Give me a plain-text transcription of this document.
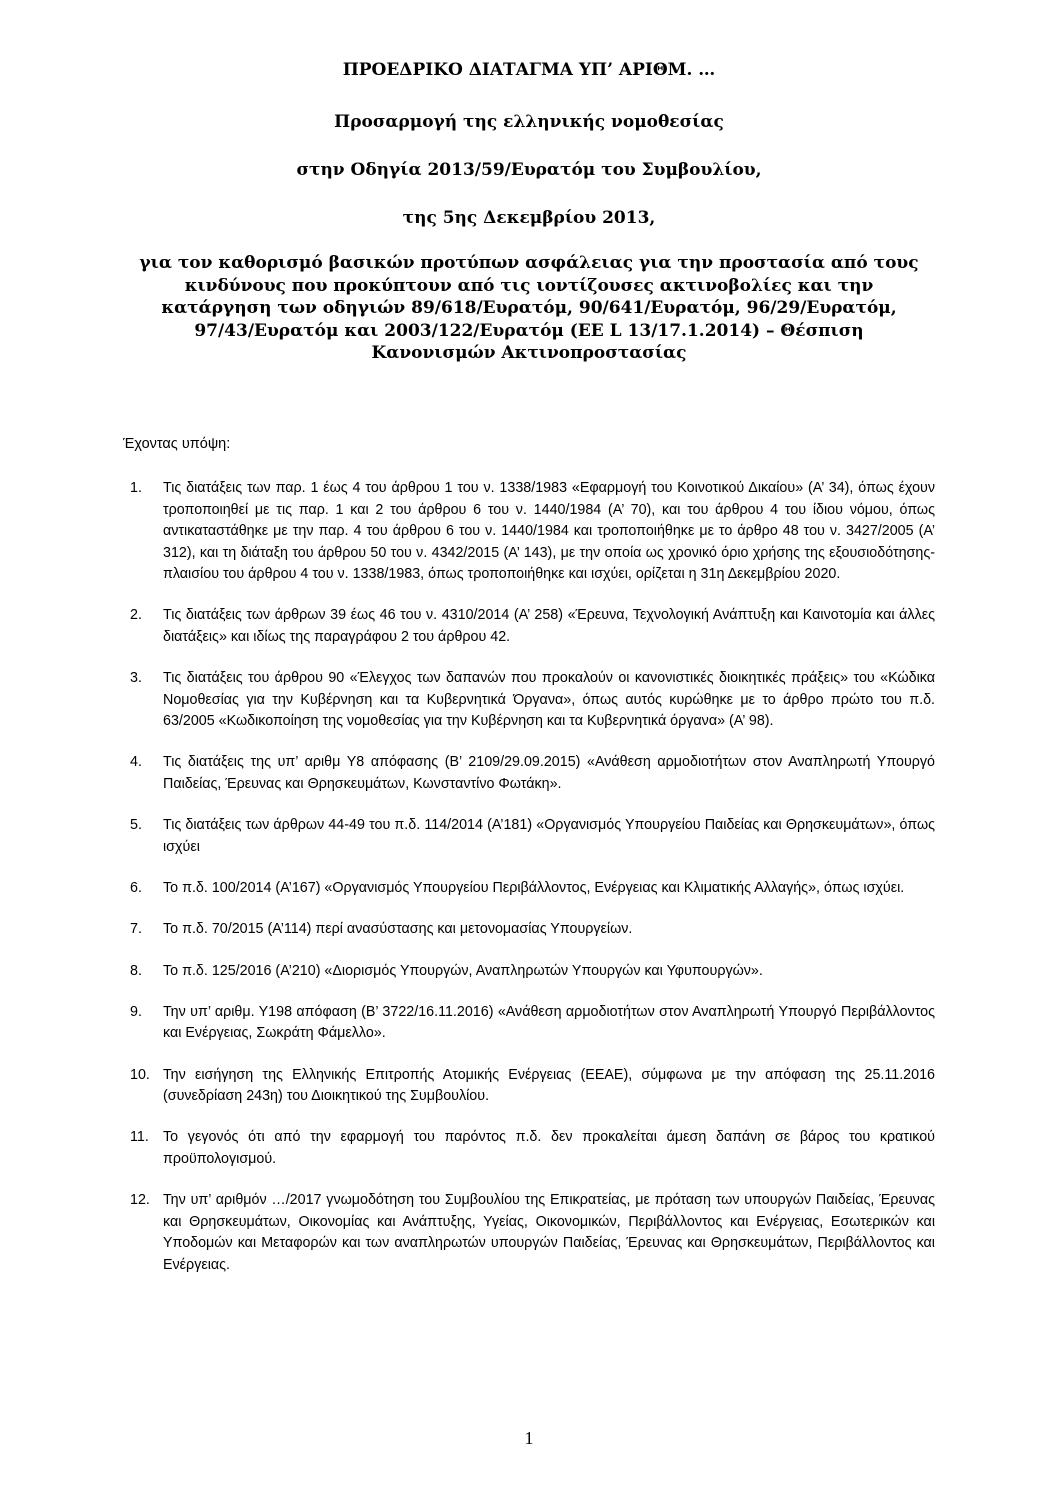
ΠΡΟΕΔΡΙΚΟ ΔΙΑΤΑΓΜΑ ΥΠ’ ΑΡΙΘΜ. …
Προσαρμογή της ελληνικής νομοθεσίας
στην Οδηγία 2013/59/Ευρατόμ του Συμβουλίου,
της 5ης Δεκεμβρίου 2013,
για τον καθορισμό βασικών προτύπων ασφάλειας για την προστασία από τους
κινδύνους που προκύπτουν από τις ιοντίζουσες ακτινοβολίες και την
κατάργηση των οδηγιών 89/618/Ευρατόμ, 90/641/Ευρατόμ, 96/29/Ευρατόμ,
97/43/Ευρατόμ και 2003/122/Ευρατόμ (ΕΕ L 13/17.1.2014) – Θέσπιση
Κανονισμών Ακτινοπροστασίας
Έχοντας υπόψη:
1.	Τις διατάξεις των παρ. 1 έως 4 του άρθρου 1 του ν. 1338/1983 «Εφαρμογή του Κοινοτικού Δικαίου» (Α’ 34), όπως έχουν τροποποιηθεί με τις παρ. 1 και 2 του άρθρου 6 του ν. 1440/1984 (Α’ 70), και του άρθρου 4 του ίδιου νόμου, όπως αντικαταστάθηκε με την παρ. 4 του άρθρου 6 του ν. 1440/1984 και τροποποιήθηκε με το άρθρο 48 του ν. 3427/2005 (Α’ 312), και τη διάταξη του άρθρου 50 του ν. 4342/2015 (Α’ 143), με την οποία ως χρονικό όριο χρήσης της εξουσιοδότησης-πλαισίου του άρθρου 4 του ν. 1338/1983, όπως τροποποιήθηκε και ισχύει, ορίζεται η 31η Δεκεμβρίου 2020.
2.	Τις διατάξεις των άρθρων 39 έως 46 του ν. 4310/2014 (Α’ 258) «Έρευνα, Τεχνολογική Ανάπτυξη και Καινοτομία και άλλες διατάξεις» και ιδίως της παραγράφου 2 του άρθρου 42.
3.	Τις διατάξεις του άρθρου 90 «Έλεγχος των δαπανών που προκαλούν οι κανονιστικές διοικητικές πράξεις» του «Κώδικα Νομοθεσίας για την Κυβέρνηση και τα Κυβερνητικά Όργανα», όπως αυτός κυρώθηκε με το άρθρο πρώτο του π.δ. 63/2005 «Κωδικοποίηση της νομοθεσίας για την Κυβέρνηση και τα Κυβερνητικά όργανα» (Α’ 98).
4.	Τις διατάξεις της υπ’ αριθμ Υ8 απόφασης (Β’ 2109/29.09.2015) «Ανάθεση αρμοδιοτήτων στον Αναπληρωτή Υπουργό Παιδείας, Έρευνας και Θρησκευμάτων, Κωνσταντίνο Φωτάκη».
5.	Τις διατάξεις των άρθρων 44-49 του π.δ. 114/2014 (Α’181) «Οργανισμός Υπουργείου Παιδείας και Θρησκευμάτων», όπως ισχύει
6.	Το π.δ. 100/2014 (Α’167) «Οργανισμός Υπουργείου Περιβάλλοντος, Ενέργειας και Κλιματικής Αλλαγής», όπως ισχύει.
7.	Το π.δ. 70/2015 (Α’114) περί ανασύστασης και μετονομασίας Υπουργείων.
8.	Το π.δ. 125/2016 (Α’210) «Διορισμός Υπουργών, Αναπληρωτών Υπουργών και Υφυπουργών».
9.	Την υπ’ αριθμ. Υ198 απόφαση (Β’ 3722/16.11.2016) «Ανάθεση αρμοδιοτήτων στον Αναπληρωτή Υπουργό Περιβάλλοντος και Ενέργειας, Σωκράτη Φάμελλο».
10. Την εισήγηση της Ελληνικής Επιτροπής Ατομικής Ενέργειας (ΕΕΑΕ), σύμφωνα με την απόφαση της 25.11.2016 (συνεδρίαση 243η) του Διοικητικού της Συμβουλίου.
11. Το γεγονός ότι από την εφαρμογή του παρόντος π.δ. δεν προκαλείται άμεση δαπάνη σε βάρος του κρατικού προϋπολογισμού.
12. Την υπ’ αριθμόν …/2017 γνωμοδότηση του Συμβουλίου της Επικρατείας, με πρόταση των υπουργών Παιδείας, Έρευνας και Θρησκευμάτων, Οικονομίας και Ανάπτυξης, Υγείας, Οικονομικών, Περιβάλλοντος και Ενέργειας, Εσωτερικών και Υποδομών και Μεταφορών και των αναπληρωτών υπουργών Παιδείας, Έρευνας και Θρησκευμάτων, Περιβάλλοντος και Ενέργειας.
1
